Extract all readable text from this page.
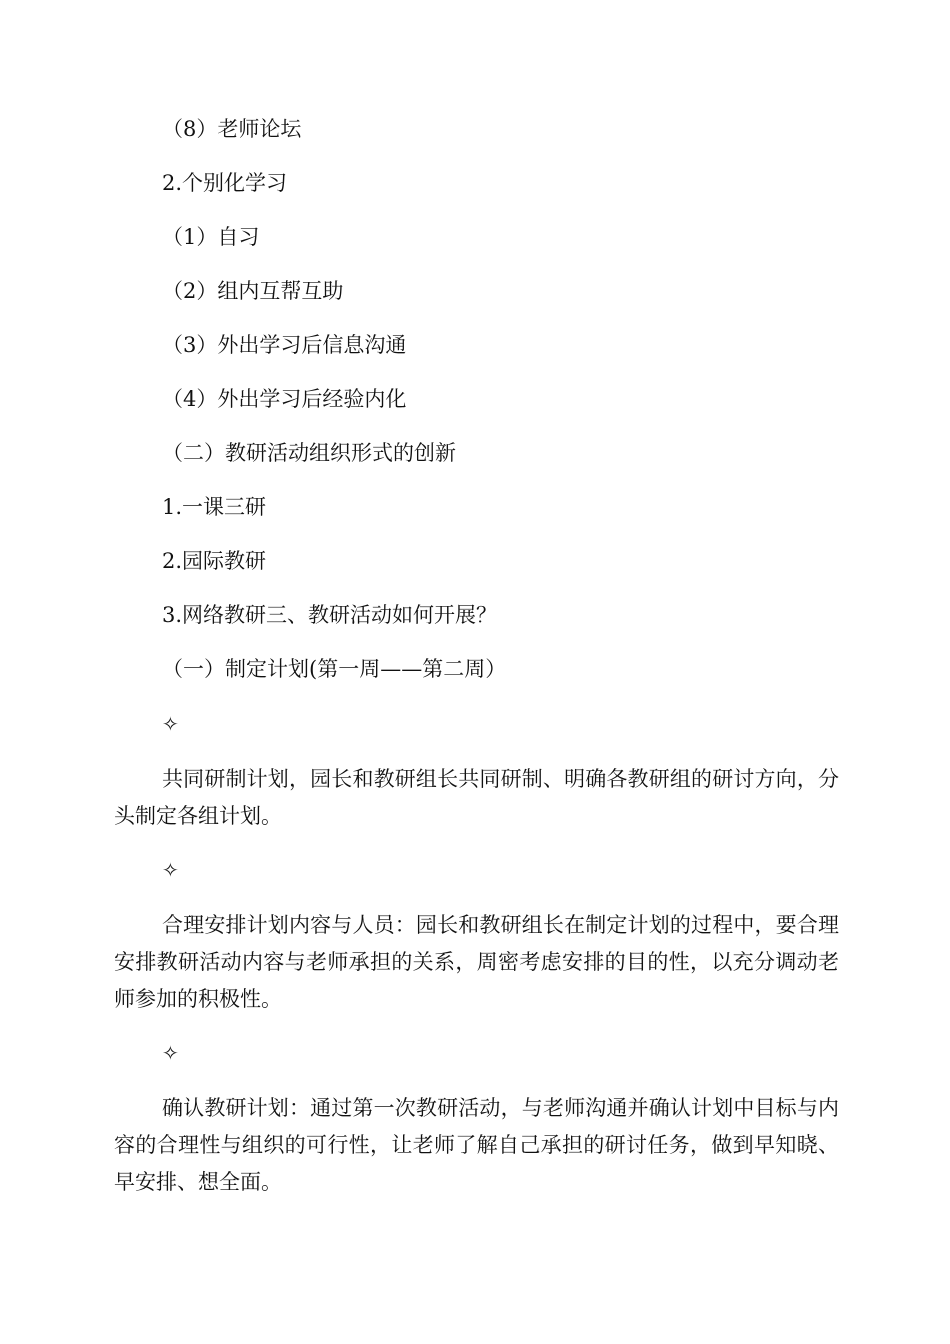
（8）老师论坛

2.个别化学习

（1）自习

（2）组内互帮互助

（3）外出学习后信息沟通

（4）外出学习后经验内化

（二）教研活动组织形式的创新

1.一课三研

2.园际教研

3.网络教研三、教研活动如何开展？

（一）制定计划(第一周——第二周）

✧

共同研制计划，园长和教研组长共同研制、明确各教研组的研讨方向，分头制定各组计划。

✧

合理安排计划内容与人员：园长和教研组长在制定计划的过程中，要合理安排教研活动内容与老师承担的关系，周密考虑安排的目的性，以充分调动老师参加的积极性。

✧

确认教研计划：通过第一次教研活动，与老师沟通并确认计划中目标与内容的合理性与组织的可行性，让老师了解自己承担的研讨任务，做到早知晓、早安排、想全面。
